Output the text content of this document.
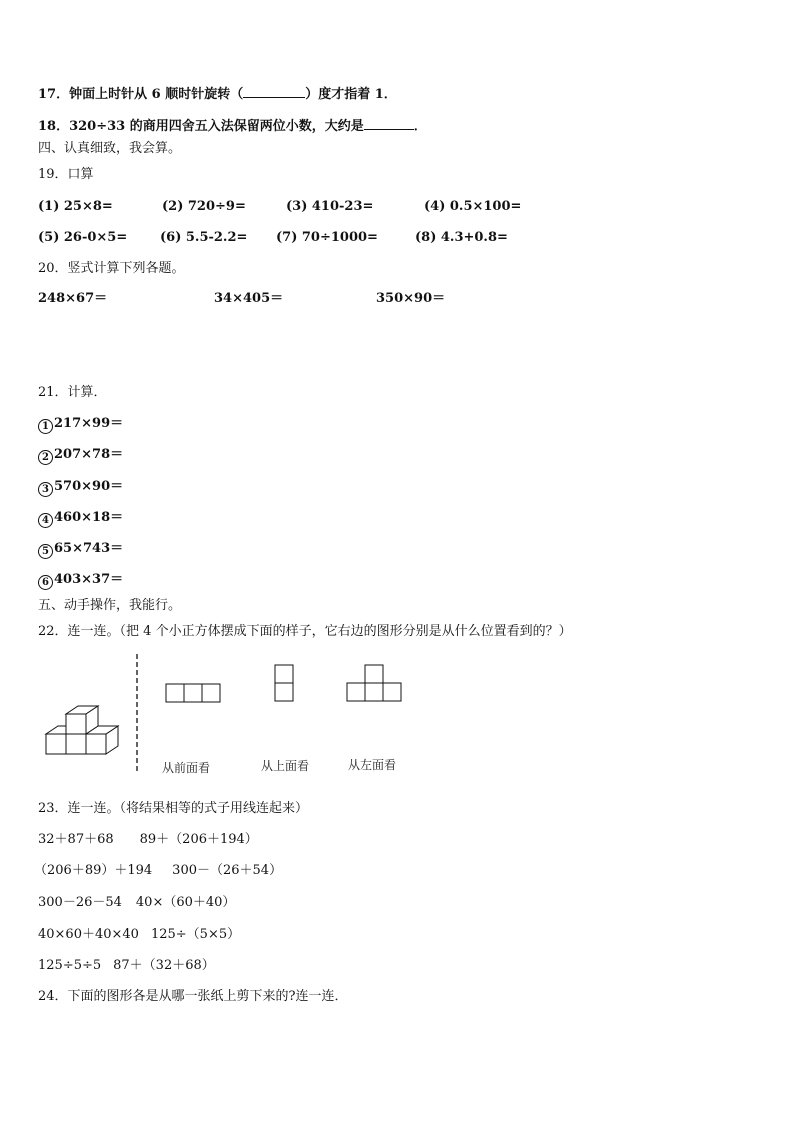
17．钟面上时针从 6 顺时针旋转（	）度才指着 1．
18．320÷33 的商用四舍五入法保留两位小数，大约是	．
四、认真细致，我会算。
19．口算
(1) 25×8=	(2) 720÷9=	(3) 410-23=	(4) 0.5×100=
(5) 26-0×5=	(6) 5.5-2.2= (7) 70÷1000=	(8) 4.3+0.8=
20．竖式计算下列各题。
248×67＝	34×405＝	350×90＝
21．计算．
1 217×99＝
2 207×78＝
3 570×90＝
4 460×18＝
5 65×743＝
6 403×37＝
五、动手操作，我能行。
22．连一连。（把 4 个小正方体摆成下面的样子，它右边的图形分别是从什么位置看到的？）
从前面看	从上面看	从左面看
23．连一连。（将结果相等的式子用线连起来）
32＋87＋68 89＋（206＋194）
（206＋89）＋194 300－（26＋54）
300－26－54 40×（60＋40）
40×60＋40×40 125÷（5×5）
125÷5÷5 87＋（32＋68）
24．下面的图形各是从哪一张纸上剪下来的?连一连．
